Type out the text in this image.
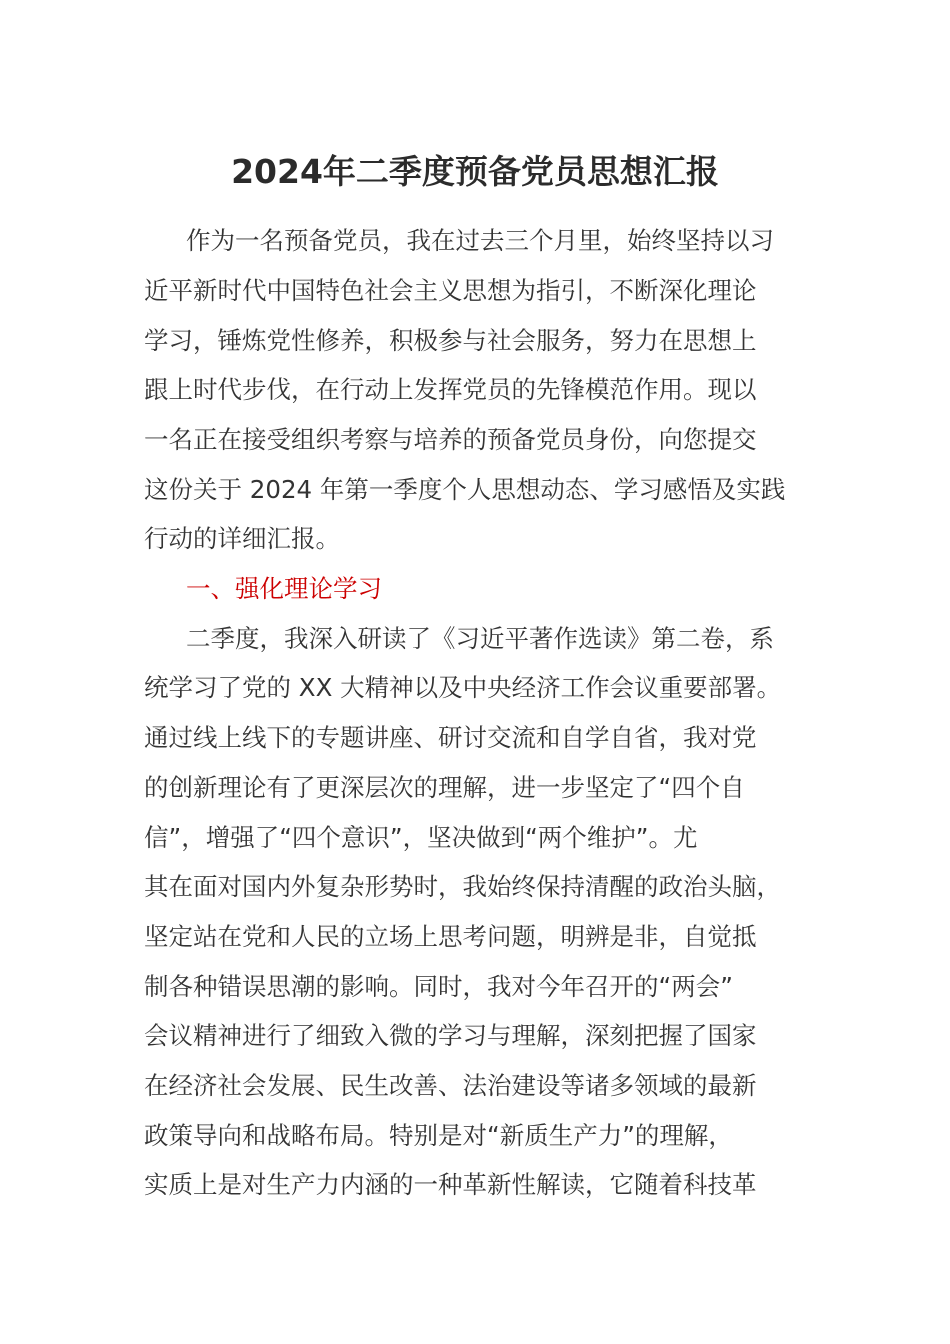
2024年二季度预备党员思想汇报

作为一名预备党员，我在过去三个月里，始终坚持以习

近平新时代中国特色社会主义思想为指引，不断深化理论

学习，锤炼党性修养，积极参与社会服务，努力在思想上

跟上时代步伐，在行动上发挥党员的先锋模范作用。现以

一名正在接受组织考察与培养的预备党员身份，向您提交

这份关于 2024 年第一季度个人思想动态、学习感悟及实践

行动的详细汇报。

一、强化理论学习

二季度，我深入研读了《习近平著作选读》第二卷，系

统学习了党的 XX 大精神以及中央经济工作会议重要部署。

通过线上线下的专题讲座、研讨交流和自学自省，我对党

的创新理论有了更深层次的理解，进一步坚定了“四个自

信”，增强了“四个意识”，坚决做到“两个维护”。尤

其在面对国内外复杂形势时，我始终保持清醒的政治头脑，

坚定站在党和人民的立场上思考问题，明辨是非，自觉抵

制各种错误思潮的影响。同时，我对今年召开的“两会”

会议精神进行了细致入微的学习与理解，深刻把握了国家

在经济社会发展、民生改善、法治建设等诸多领域的最新

政策导向和战略布局。特别是对“新质生产力”的理解，

实质上是对生产力内涵的一种革新性解读，它随着科技革
